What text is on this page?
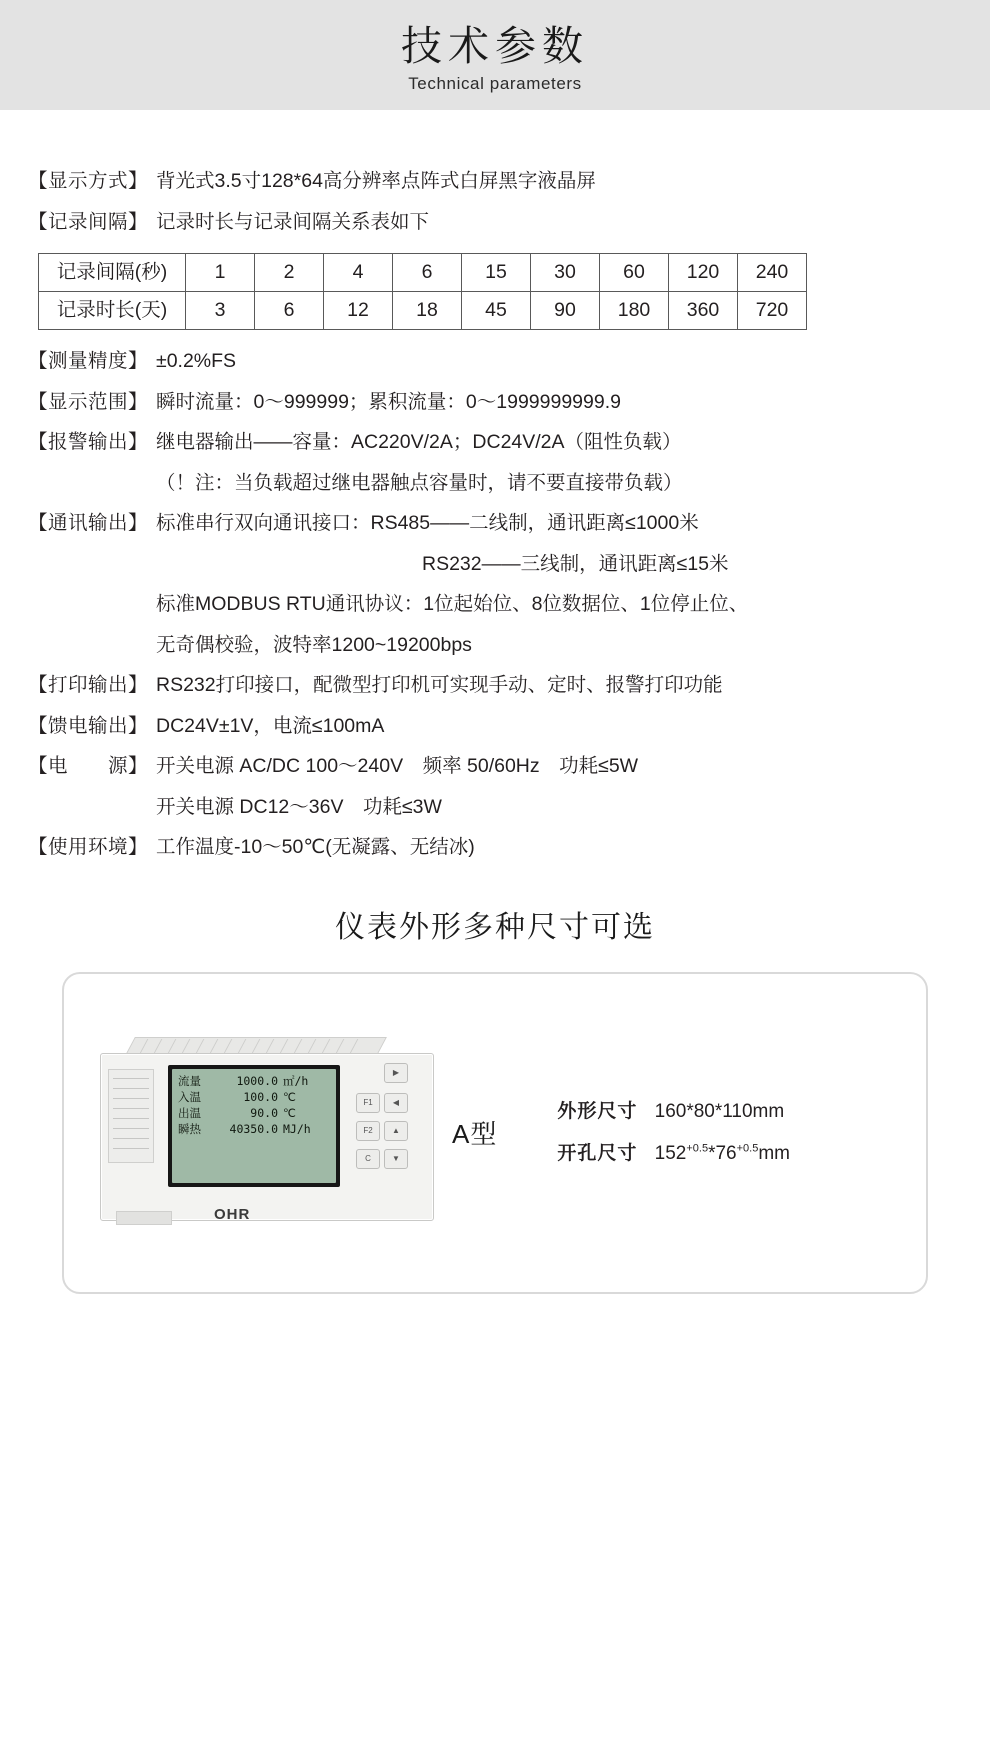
技术参数
Technical parameters
【显示方式】 背光式3.5寸128*64高分辨率点阵式白屏黑字液晶屏
【记录间隔】 记录时长与记录间隔关系表如下
记录间隔(秒)	1	2	4	6	15	30	60	120	240
记录时长(天)	3	6	12	18	45	90	180	360	720
【测量精度】 ±0.2%FS
【显示范围】 瞬时流量：0～999999；累积流量：0～1999999999.9
【报警输出】 继电器输出——容量：AC220V/2A；DC24V/2A（阻性负载）
（！注：当负载超过继电器触点容量时，请不要直接带负载）
【通讯输出】 标准串行双向通讯接口：RS485——二线制，通讯距离≤1000米
RS232——三线制，通讯距离≤15米
标准MODBUS RTU通讯协议：1位起始位、8位数据位、1位停止位、
无奇偶校验，波特率1200~19200bps
【打印输出】 RS232打印接口，配微型打印机可实现手动、定时、报警打印功能
【馈电输出】 DC24V±1V，电流≤100mA
【电　　源】 开关电源 AC/DC 100～240V　频率 50/60Hz　功耗≤5W
开关电源 DC12～36V　功耗≤3W
【使用环境】 工作温度-10～50℃(无凝露、无结冰)
仪表外形多种尺寸可选
流量	1000.0 ㎡/h
入温	100.0 ℃
出温	90.0 ℃
瞬热	40350.0 MJ/h
▶
◀
▲
▼
F1
F2
C
OHR
A型
外形尺寸 160*80*110mm
开孔尺寸 $152^{+0.5}*76^{+0.5}mm$
